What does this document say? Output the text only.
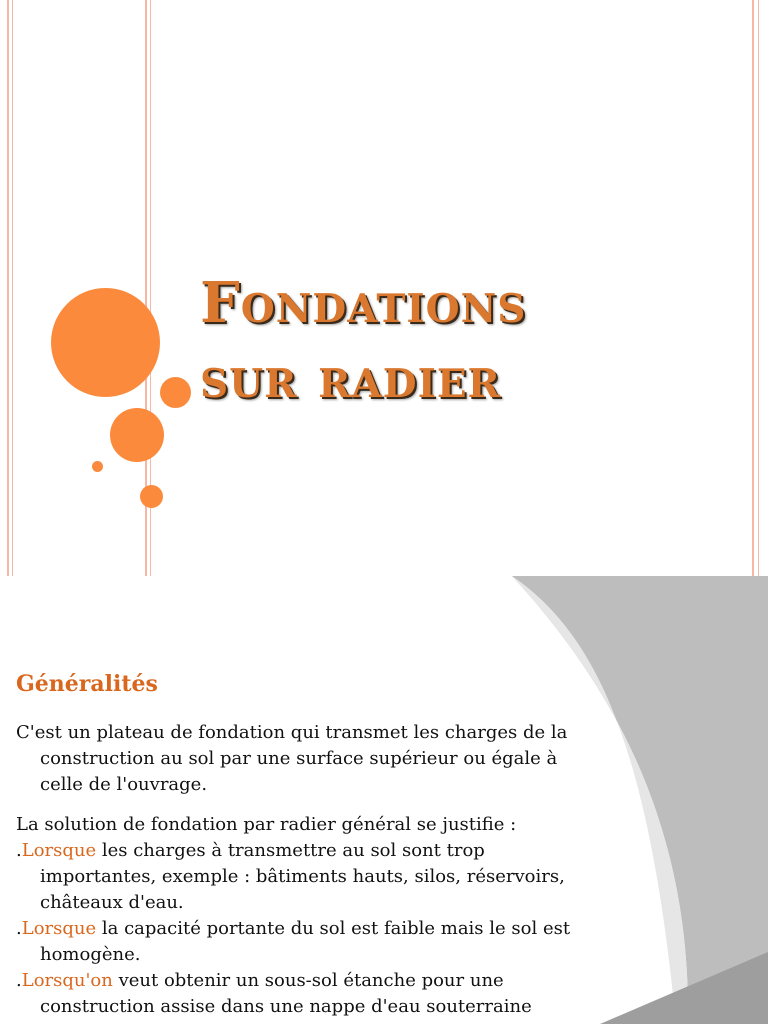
Fondations
sur radier
Généralités

C'est un plateau de fondation qui transmet les charges de la construction au sol par une surface supérieur ou égale à celle de l'ouvrage.

La solution de fondation par radier général se justifie :

.Lorsque les charges à transmettre au sol sont trop importantes, exemple : bâtiments hauts, silos, réservoirs, châteaux d'eau.

.Lorsque la capacité portante du sol est faible mais le sol est homogène.

.Lorsqu'on veut obtenir un sous-sol étanche pour une construction assise dans une nappe d'eau souterraine
